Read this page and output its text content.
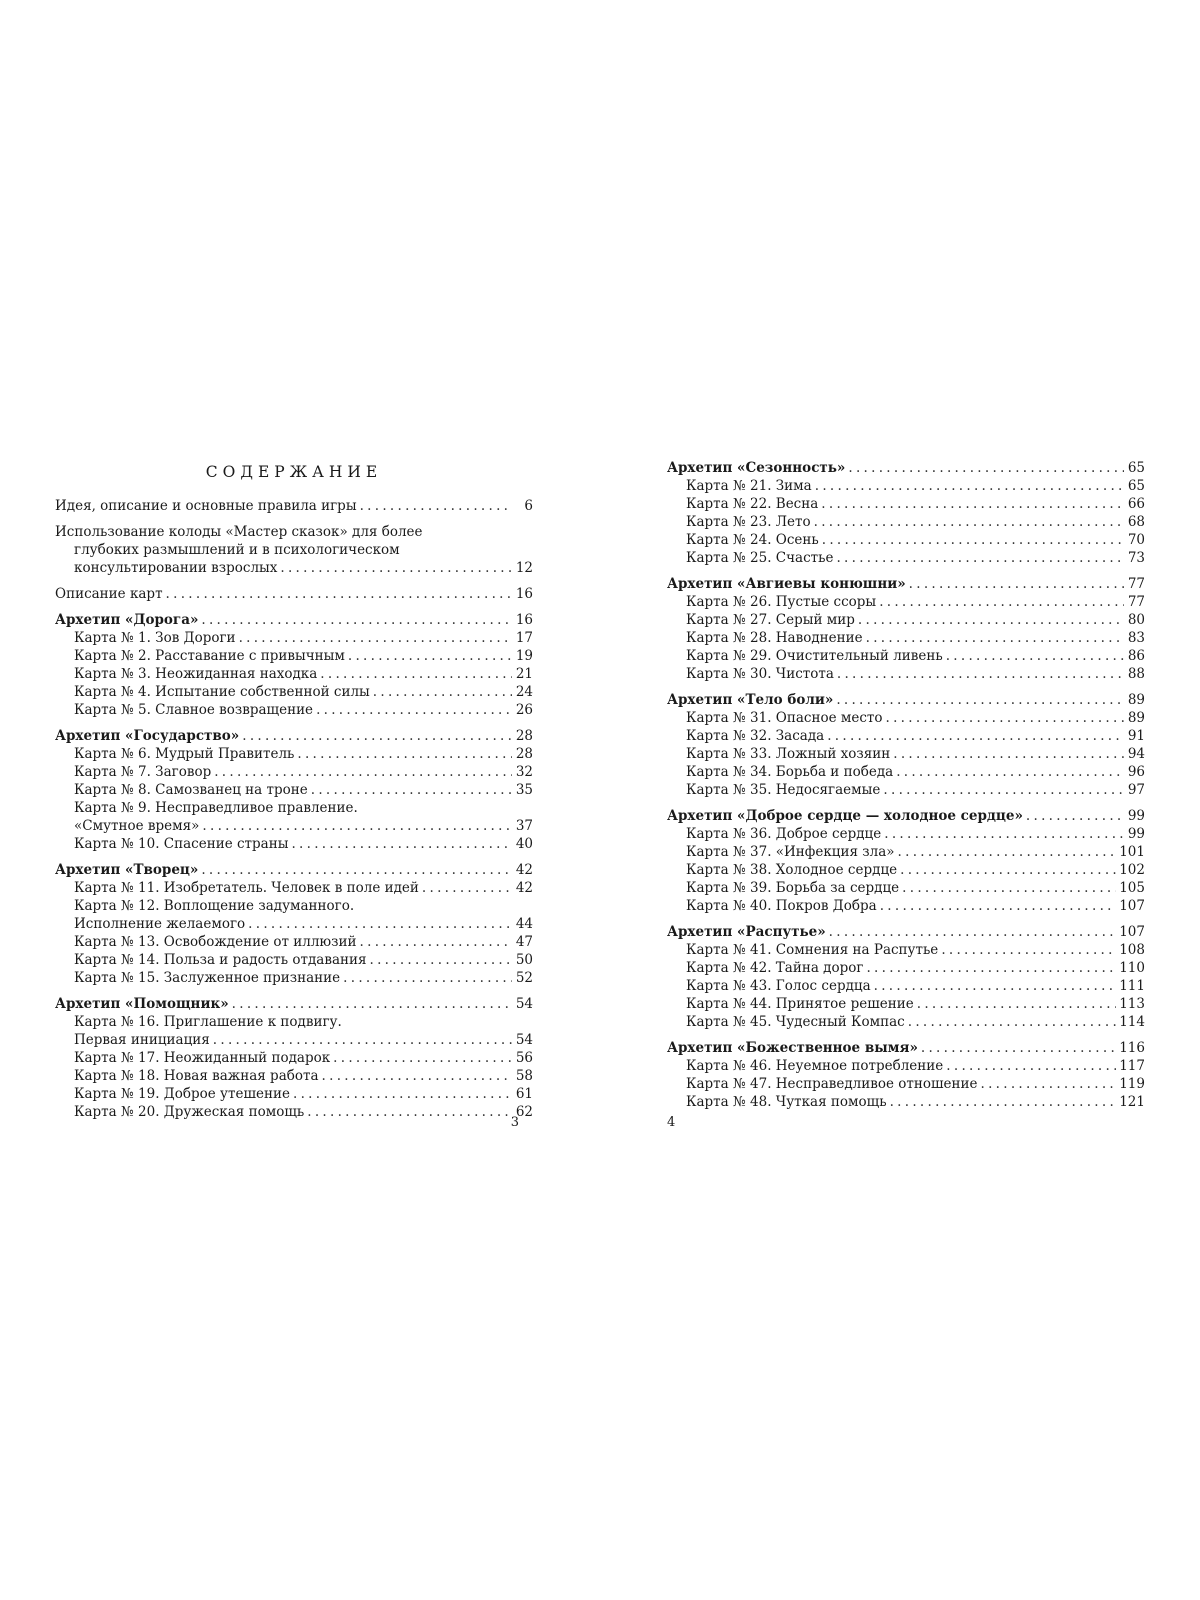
СОДЕРЖАНИЕ
Идея, описание и основные правила игры . . .	6
Использование колоды «Мастер сказок» для более
глубоких размышлений и в психологическом
консультировании взрослых . . .	12
Описание карт . . .	16
Архетип «Дорога» . . .	16
Карта № 1. Зов Дороги . . .	17
Карта № 2. Расставание с привычным . . .	19
Карта № 3. Неожиданная находка . . .	21
Карта № 4. Испытание собственной силы . . .	24
Карта № 5. Славное возвращение . . .	26
Архетип «Государство» . . .	28
Карта № 6. Мудрый Правитель . . .	28
Карта № 7. Заговор . . .	32
Карта № 8. Самозванец на троне . . .	35
Карта № 9. Несправедливое правление.
«Смутное время» . . .	37
Карта № 10. Спасение страны . . .	40
Архетип «Творец» . . .	42
Карта № 11. Изобретатель. Человек в поле идей . . .	42
Карта № 12. Воплощение задуманного.
Исполнение желаемого . . .	44
Карта № 13. Освобождение от иллюзий . . .	47
Карта № 14. Польза и радость отдавания . . .	50
Карта № 15. Заслуженное признание . . .	52
Архетип «Помощник» . . .	54
Карта № 16. Приглашение к подвигу.
Первая инициация . . .	54
Карта № 17. Неожиданный подарок . . .	56
Карта № 18. Новая важная работа . . .	58
Карта № 19. Доброе утешение . . .	61
Карта № 20. Дружеская помощь . . .	62
3
Архетип «Сезонность» . . .	65
Карта № 21. Зима . . .	65
Карта № 22. Весна . . .	66
Карта № 23. Лето . . .	68
Карта № 24. Осень . . .	70
Карта № 25. Счастье . . .	73
Архетип «Авгиевы конюшни» . . .	77
Карта № 26. Пустые ссоры . . .	77
Карта № 27. Серый мир . . .	80
Карта № 28. Наводнение . . .	83
Карта № 29. Очистительный ливень . . .	86
Карта № 30. Чистота . . .	88
Архетип «Тело боли» . . .	89
Карта № 31. Опасное место . . .	89
Карта № 32. Засада . . .	91
Карта № 33. Ложный хозяин . . .	94
Карта № 34. Борьба и победа . . .	96
Карта № 35. Недосягаемые . . .	97
Архетип «Доброе сердце — холодное сердце» . . .	99
Карта № 36. Доброе сердце . . .	99
Карта № 37. «Инфекция зла» . . .	101
Карта № 38. Холодное сердце . . .	102
Карта № 39. Борьба за сердце . . .	105
Карта № 40. Покров Добра . . .	107
Архетип «Распутье» . . .	107
Карта № 41. Сомнения на Распутье . . .	108
Карта № 42. Тайна дорог . . .	110
Карта № 43. Голос сердца . . .	111
Карта № 44. Принятое решение . . .	113
Карта № 45. Чудесный Компас . . .	114
Архетип «Божественное вымя» . . .	116
Карта № 46. Неуемное потребление . . .	117
Карта № 47. Несправедливое отношение . . .	119
Карта № 48. Чуткая помощь . . .	121
4
